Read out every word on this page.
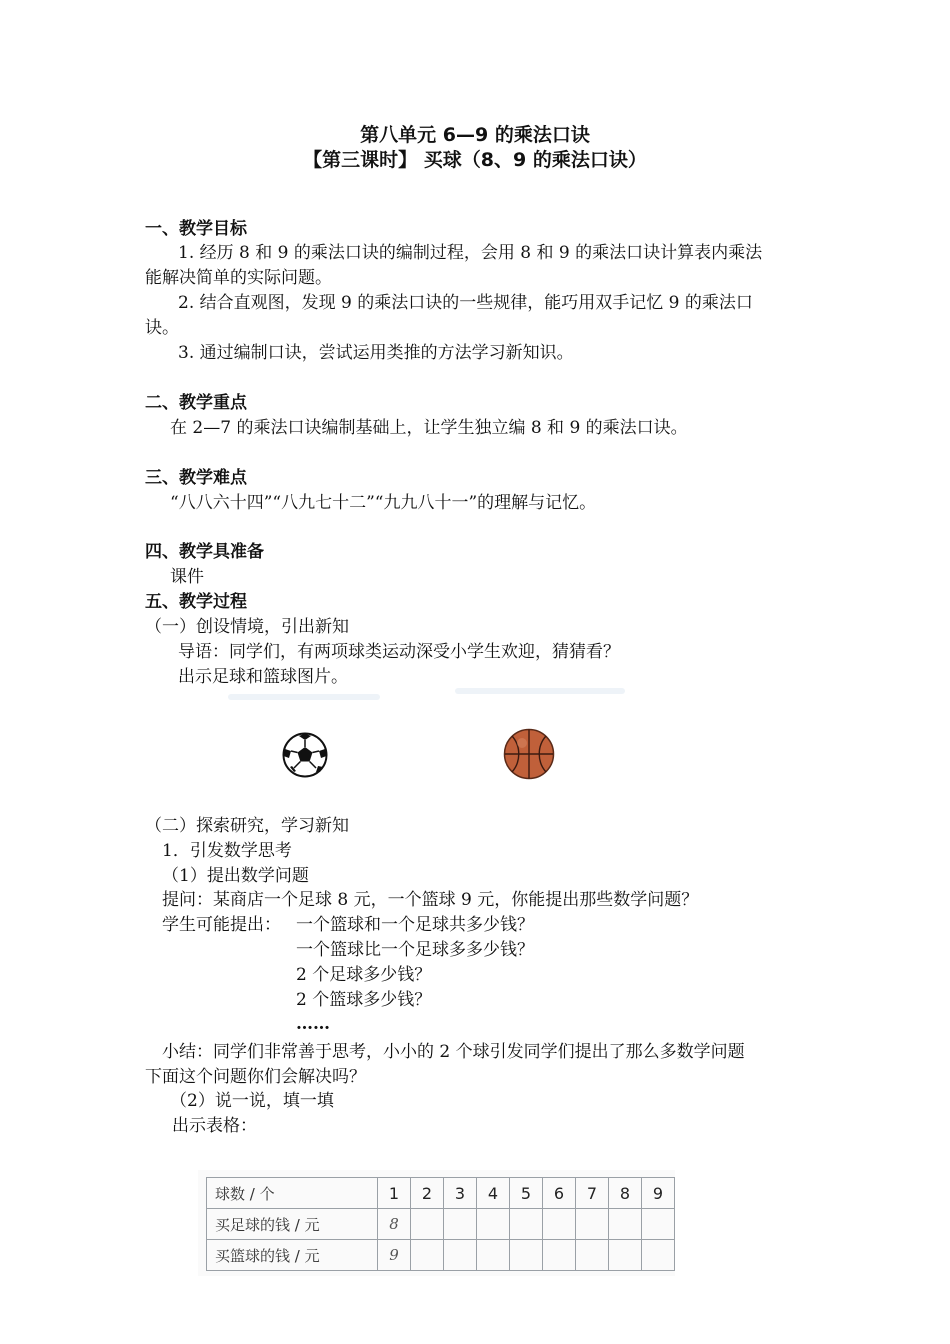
第八单元 6—9 的乘法口诀
【第三课时】 买球（8、9 的乘法口诀）
一、教学目标
1. 经历 8 和 9 的乘法口诀的编制过程，会用 8 和 9 的乘法口诀计算表内乘法
能解决简单的实际问题。
2. 结合直观图，发现 9 的乘法口诀的一些规律，能巧用双手记忆 9 的乘法口
诀。
3. 通过编制口诀，尝试运用类推的方法学习新知识。
二、教学重点
在 2—7 的乘法口诀编制基础上，让学生独立编 8 和 9 的乘法口诀。
三、教学难点
“八八六十四”“八九七十二”“九九八十一”的理解与记忆。
四、教学具准备
课件
五、教学过程
（一）创设情境，引出新知
导语：同学们，有两项球类运动深受小学生欢迎，猜猜看？
出示足球和篮球图片。
（二）探索研究，学习新知
1．引发数学思考
（1）提出数学问题
提问：某商店一个足球 8 元，一个篮球 9 元，你能提出那些数学问题？
学生可能提出： 一个篮球和一个足球共多少钱？
一个篮球比一个足球多多少钱？
2 个足球多少钱？
2 个篮球多少钱？
……
小结：同学们非常善于思考，小小的 2 个球引发同学们提出了那么多数学问题
下面这个问题你们会解决吗？
（2）说一说，填一填
出示表格：
球数 / 个	1	2	3	4	5	6	7	8	9
买足球的钱 / 元	8								
买篮球的钱 / 元	9								
